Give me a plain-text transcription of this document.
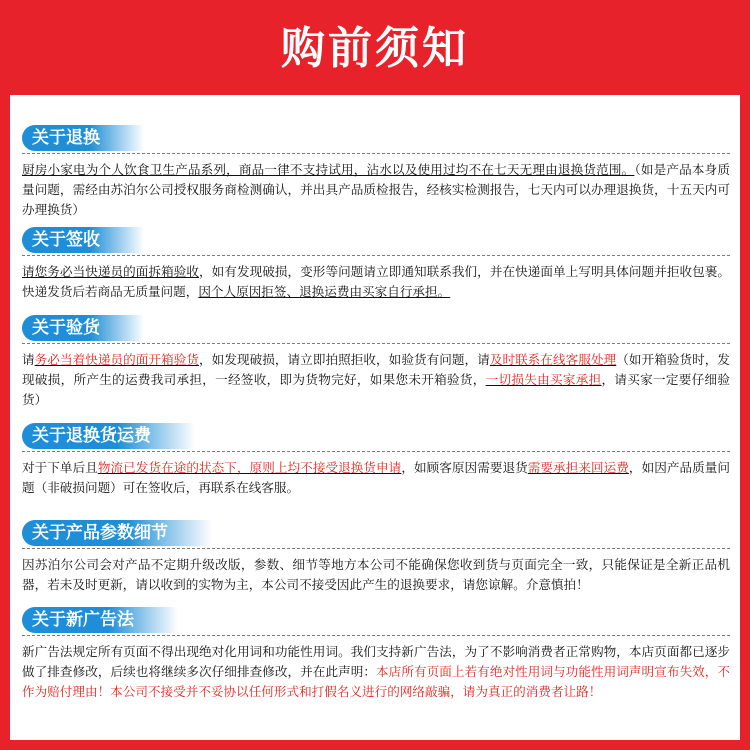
购前须知
关于退换
厨房小家电为个人饮食卫生产品系列，商品一律不支持试用，沾水以及使用过均不在七天无理由退换货范围。（如是产品本身质量问题，需经由苏泊尔公司授权服务商检测确认，并出具产品质检报告，经核实检测报告，七天内可以办理退换货，十五天内可办理换货）
关于签收
请您务必当快递员的面拆箱验收，如有发现破损，变形等问题请立即通知联系我们，并在快递面单上写明具体问题并拒收包裹。快递发货后若商品无质量问题，因个人原因拒签、退换运费由买家自行承担。
关于验货
请务必当着快递员的面开箱验货，如发现破损，请立即拍照拒收，如验货有问题，请及时联系在线客服处理（如开箱验货时，发现破损，所产生的运费我司承担，一经签收，即为货物完好，如果您未开箱验货，一切损失由买家承担，请买家一定要仔细验货）
关于退换货运费
对于下单后且物流已发货在途的状态下，原则上均不接受退换货申请，如顾客原因需要退货需要承担来回运费，如因产品质量问题（非破损问题）可在签收后，再联系在线客服。
关于产品参数细节
因苏泊尔公司会对产品不定期升级改版，参数、细节等地方本公司不能确保您收到货与页面完全一致，只能保证是全新正品机器，若未及时更新，请以收到的实物为主，本公司不接受因此产生的退换要求，请您谅解。介意慎拍！
关于新广告法
新广告法规定所有页面不得出现绝对化用词和功能性用词。我们支持新广告法，为了不影响消费者正常购物，本店页面都已逐步做了排查修改，后续也将继续多次仔细排查修改，并在此声明：本店所有页面上若有绝对性用词与功能性用词声明宣布失效，不作为赔付理由！本公司不接受并不妥协以任何形式和打假名义进行的网络敲骗，请为真正的消费者让路！
